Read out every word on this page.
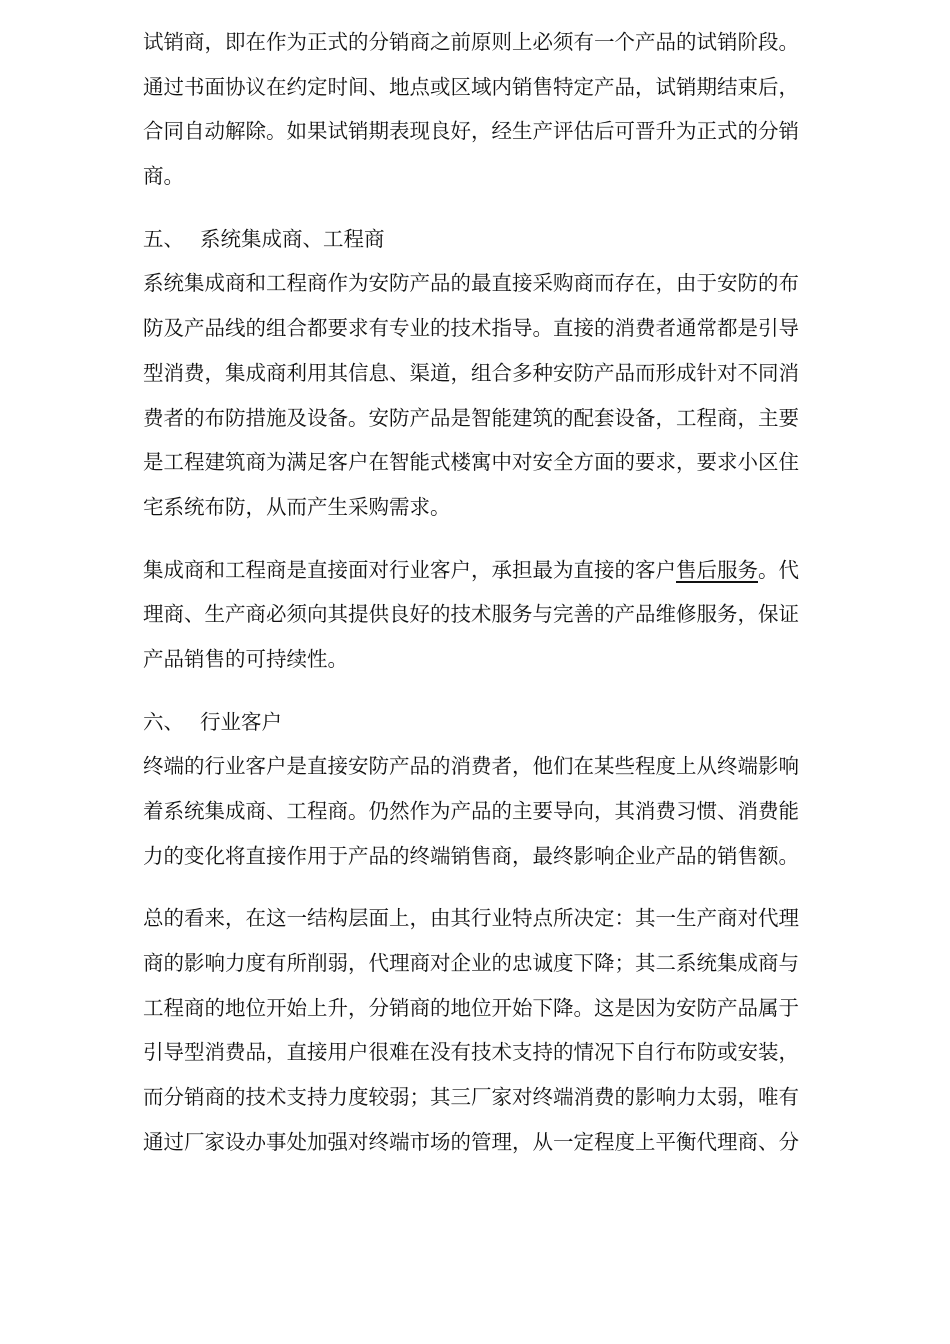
试销商，即在作为正式的分销商之前原则上必须有一个产品的试销阶段。
通过书面协议在约定时间、地点或区域内销售特定产品，试销期结束后，
合同自动解除。如果试销期表现良好，经生产评估后可晋升为正式的分销
商。
五、 系统集成商、工程商
系统集成商和工程商作为安防产品的最直接采购商而存在，由于安防的布
防及产品线的组合都要求有专业的技术指导。直接的消费者通常都是引导
型消费，集成商利用其信息、渠道，组合多种安防产品而形成针对不同消
费者的布防措施及设备。安防产品是智能建筑的配套设备，工程商，主要
是工程建筑商为满足客户在智能式楼寓中对安全方面的要求，要求小区住
宅系统布防，从而产生采购需求。
集成商和工程商是直接面对行业客户，承担最为直接的客户售后服务。代
理商、生产商必须向其提供良好的技术服务与完善的产品维修服务，保证
产品销售的可持续性。
六、 行业客户
终端的行业客户是直接安防产品的消费者，他们在某些程度上从终端影响
着系统集成商、工程商。仍然作为产品的主要导向，其消费习惯、消费能
力的变化将直接作用于产品的终端销售商，最终影响企业产品的销售额。
总的看来，在这一结构层面上，由其行业特点所决定：其一生产商对代理
商的影响力度有所削弱，代理商对企业的忠诚度下降；其二系统集成商与
工程商的地位开始上升，分销商的地位开始下降。这是因为安防产品属于
引导型消费品，直接用户很难在没有技术支持的情况下自行布防或安装，
而分销商的技术支持力度较弱；其三厂家对终端消费的影响力太弱，唯有
通过厂家设办事处加强对终端市场的管理，从一定程度上平衡代理商、分
